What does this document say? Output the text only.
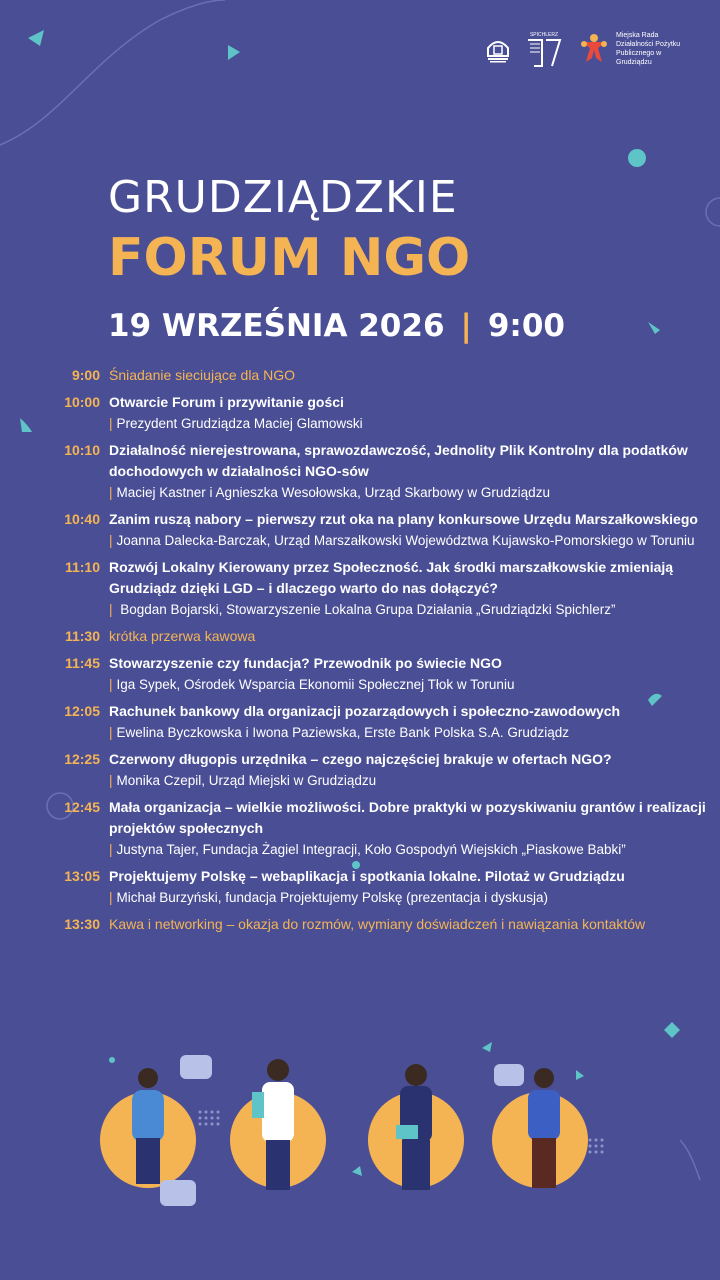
SPICHLERZ	Miejska Rada Działalności Pożytku Publicznego w Grudziądzu
GRUDZIĄDZKIE
FORUM NGO
19 WRZEŚNIA 2026 | 9:00
9:00 Śniadanie sieciujące dla NGO
10:00 Otwarcie Forum i przywitanie gości
| Prezydent Grudziądza Maciej Glamowski
10:10 Działalność nierejestrowana, sprawozdawczość, Jednolity Plik Kontrolny dla podatków dochodowych w działalności NGO-sów
| Maciej Kastner i Agnieszka Wesołowska, Urząd Skarbowy w Grudziądzu
10:40 Zanim ruszą nabory – pierwszy rzut oka na plany konkursowe Urzędu Marszałkowskiego
| Joanna Dalecka-Barczak, Urząd Marszałkowski Województwa Kujawsko-Pomorskiego w Toruniu
11:10 Rozwój Lokalny Kierowany przez Społeczność. Jak środki marszałkowskie zmieniają Grudziądz dzięki LGD – i dlaczego warto do nas dołączyć?
| Bogdan Bojarski, Stowarzyszenie Lokalna Grupa Działania „Grudziądzki Spichlerz”
11:30 krótka przerwa kawowa
11:45 Stowarzyszenie czy fundacja? Przewodnik po świecie NGO
| Iga Sypek, Ośrodek Wsparcia Ekonomii Społecznej Tłok w Toruniu
12:05 Rachunek bankowy dla organizacji pozarządowych i społeczno-zawodowych
| Ewelina Byczkowska i Iwona Paziewska, Erste Bank Polska S.A. Grudziądz
12:25 Czerwony długopis urzędnika – czego najczęściej brakuje w ofertach NGO?
| Monika Czepil, Urząd Miejski w Grudziądzu
12:45 Mała organizacja – wielkie możliwości. Dobre praktyki w pozyskiwaniu grantów i realizacji projektów społecznych
| Justyna Tajer, Fundacja Żagiel Integracji, Koło Gospodyń Wiejskich „Piaskowe Babki”
13:05 Projektujemy Polskę – webaplikacja i spotkania lokalne. Pilotaż w Grudziądzu
| Michał Burzyński, fundacja Projektujemy Polskę (prezentacja i dyskusja)
13:30 Kawa i networking – okazja do rozmów, wymiany doświadczeń i nawiązania kontaktów
